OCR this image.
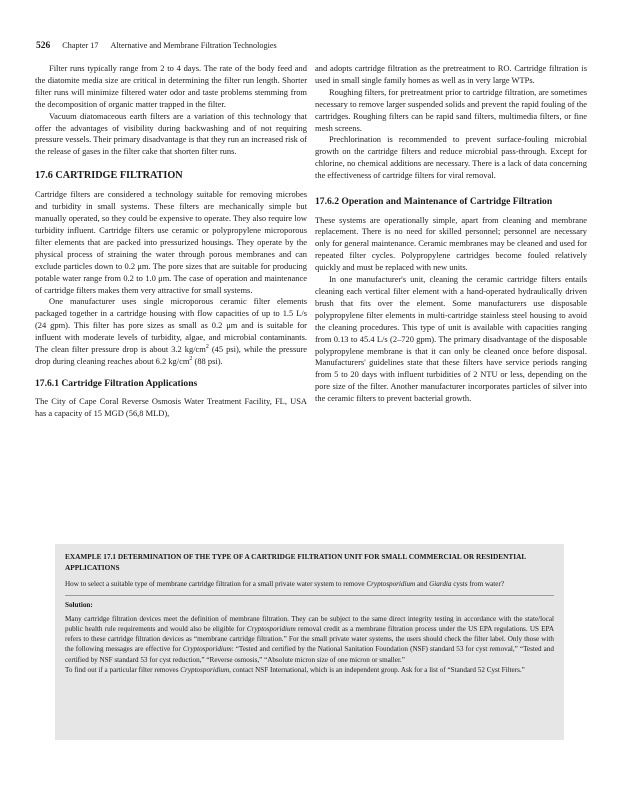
526 Chapter 17 Alternative and Membrane Filtration Technologies

Filter runs typically range from 2 to 4 days. The rate of the body feed and the diatomite media size are critical in determining the filter run length. Shorter filter runs will minimize filtered water odor and taste problems stemming from the decomposition of organic matter trapped in the filter.

Vacuum diatomaceous earth filters are a variation of this technology that offer the advantages of visibility during backwashing and of not requiring pressure vessels. Their primary disadvantage is that they run an increased risk of the release of gases in the filter cake that shorten filter runs.

17.6 CARTRIDGE FILTRATION

Cartridge filters are considered a technology suitable for removing microbes and turbidity in small systems. These filters are mechanically simple but manually operated, so they could be expensive to operate. They also require low turbidity influent. Cartridge filters use ceramic or polypropylene microporous filter elements that are packed into pressurized housings. They operate by the physical process of straining the water through porous membranes and can exclude particles down to 0.2 μm. The pore sizes that are suitable for producing potable water range from 0.2 to 1.0 μm. The case of operation and maintenance of cartridge filters makes them very attractive for small systems.

One manufacturer uses single microporous ceramic filter elements packaged together in a cartridge housing with flow capacities of up to 1.5 L/s (24 gpm). This filter has pore sizes as small as 0.2 μm and is suitable for influent with moderate levels of turbidity, algae, and microbial contaminants. The clean filter pressure drop is about 3.2 $kg/cm^2$ (45 psi), while the pressure drop during cleaning reaches about 6.2 $kg/cm^2$ (88 psi).

17.6.1 Cartridge Filtration Applications

The City of Cape Coral Reverse Osmosis Water Treatment Facility, FL, USA has a capacity of 15 MGD (56,8 MLD),

and adopts cartridge filtration as the pretreatment to RO. Cartridge filtration is used in small single family homes as well as in very large WTPs.

Roughing filters, for pretreatment prior to cartridge filtration, are sometimes necessary to remove larger suspended solids and prevent the rapid fouling of the cartridges. Roughing filters can be rapid sand filters, multimedia filters, or fine mesh screens.

Prechlorination is recommended to prevent surface-fouling microbial growth on the cartridge filters and reduce microbial pass-through. Except for chlorine, no chemical additions are necessary. There is a lack of data concerning the effectiveness of cartridge filters for viral removal.

17.6.2 Operation and Maintenance of Cartridge Filtration

These systems are operationally simple, apart from cleaning and membrane replacement. There is no need for skilled personnel; personnel are necessary only for general maintenance. Ceramic membranes may be cleaned and used for repeated filter cycles. Polypropylene cartridges become fouled relatively quickly and must be replaced with new units.

In one manufacturer's unit, cleaning the ceramic cartridge filters entails cleaning each vertical filter element with a hand-operated hydraulically driven brush that fits over the element. Some manufacturers use disposable polypropylene filter elements in multi-cartridge stainless steel housing to avoid the cleaning procedures. This type of unit is available with capacities ranging from 0.13 to 45.4 L/s (2–720 gpm). The primary disadvantage of the disposable polypropylene membrane is that it can only be cleaned once before disposal. Manufacturers' guidelines state that these filters have service periods ranging from 5 to 20 days with influent turbidities of 2 NTU or less, depending on the pore size of the filter. Another manufacturer incorporates particles of silver into the ceramic filters to prevent bacterial growth.

EXAMPLE 17.1 DETERMINATION OF THE TYPE OF A CARTRIDGE FILTRATION UNIT FOR SMALL COMMERCIAL OR RESIDENTIAL APPLICATIONS
How to select a suitable type of membrane cartridge filtration for a small private water system to remove Cryptosporidium and Giardia cysts from water?
Solution:

Many cartridge filtration devices meet the definition of membrane filtration. They can be subject to the same direct integrity testing in accordance with the state/local public health rule requirements and would also be eligible for Cryptosporidium removal credit as a membrane filtration process under the US EPA regulations. US EPA refers to these cartridge filtration devices as “membrane cartridge filtration.” For the small private water systems, the users should check the filter label. Only those with the following messages are effective for Cryptosporidium: “Tested and certified by the National Sanitation Foundation (NSF) standard 53 for cyst removal,” “Tested and certified by NSF standard 53 for cyst reduction,” “Reverse osmosis,” “Absolute micron size of one micron or smaller.”

To find out if a particular filter removes Cryptosporidium, contact NSF International, which is an independent group. Ask for a list of “Standard 52 Cyst Filters.”
